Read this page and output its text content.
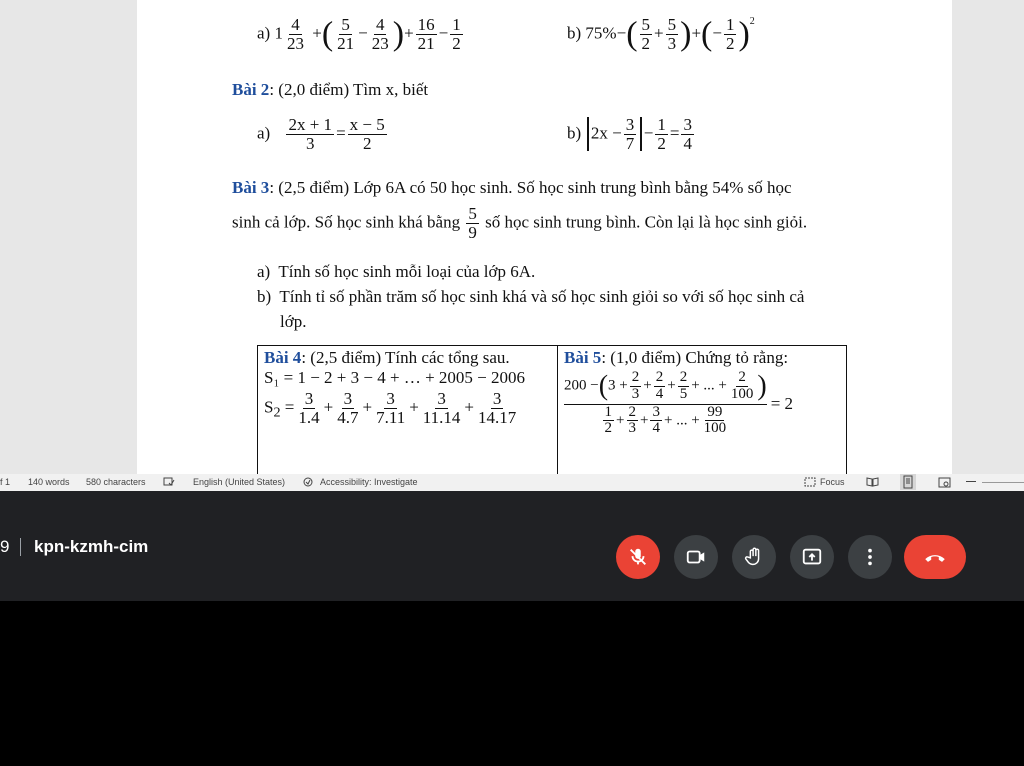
a) $1 \frac{4}{23}$ +( $\frac{5}{21} - \frac{4}{23}$ )+ $\frac{16}{21} - \frac{1}{2}$	b) $75\%-( \frac{5}{2} + \frac{5}{3}$ )+(− $\frac{1}{2} )^2$
Bài 2: (2,0 điểm) Tìm x, biết
$a) \frac{2x + 1}{3} = \frac{x - 5}{2}$	b) $2x - \frac{3}{7} - \frac{1}{2} = \frac{3}{4}$
Bài 3: (2,5 điểm) Lớp 6A có 50 học sinh. Số học sinh trung bình bằng 54% số học
sinh cả lớp. Số học sinh khá bằng $\frac{5}{9}$ số học sinh trung bình. Còn lại là học sinh giỏi.
a) Tính số học sinh mỗi loại của lớp 6A.
b) Tính tỉ số phần trăm số học sinh khá và số học sinh giỏi so với số học sinh cả
lớp.
Bài 4: (2,5 điểm) Tính các tổng sau.
S₁ = 1 − 2 + 3 − 4 + … + 2005 − 2006
$S_2 = \frac{3}{1.4} + \frac{3}{4.7} + \frac{3}{7.11} + \frac{3}{11.14} + \frac{3}{14.17}$

Bài 5: (1,0 điểm) Chứng tỏ rằng:
$\frac{200 -(3 + \frac{2}{3} + \frac{2}{4} + \frac{2}{5} + ... + \frac{2}{100} )}{\frac{1}{2} + \frac{2}{3} + \frac{3}{4} + ... + \frac{99}{100}} = 2$
f 1 140 words 580 characters	English (United States)	Accessibility: Investigate	Focus
9 kpn-kzmh-cim
